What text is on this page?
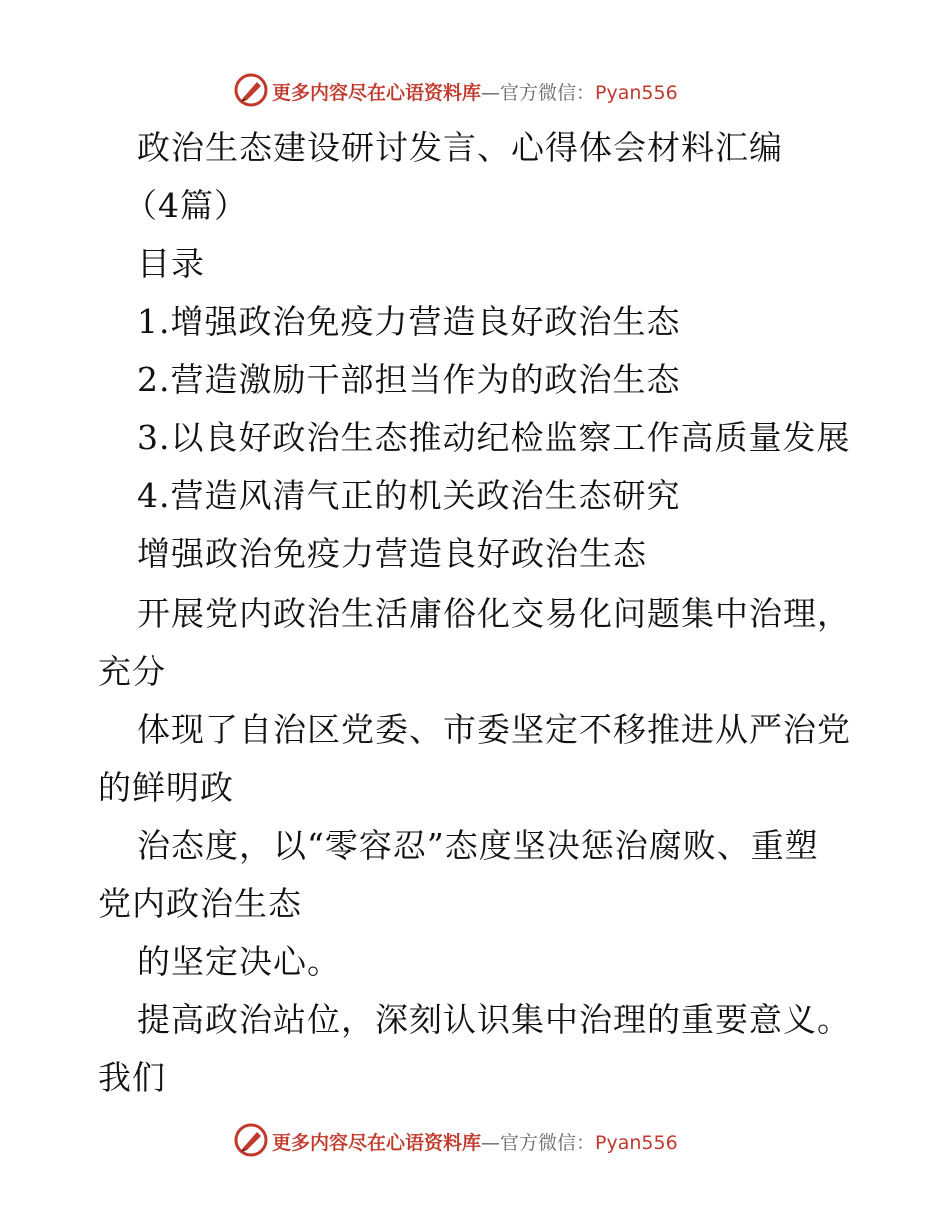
更多内容尽在心语资料库—官方微信：Pyan556
政治生态建设研讨发言、心得体会材料汇编
（4篇）
目录
1.增强政治免疫力营造良好政治生态
2.营造激励干部担当作为的政治生态
3.以良好政治生态推动纪检监察工作高质量发展
4.营造风清气正的机关政治生态研究
增强政治免疫力营造良好政治生态
开展党内政治生活庸俗化交易化问题集中治理，
充分
体现了自治区党委、市委坚定不移推进从严治党
的鲜明政
治态度，以“零容忍”态度坚决惩治腐败、重塑
党内政治生态
的坚定决心。
提高政治站位，深刻认识集中治理的重要意义。
我们
更多内容尽在心语资料库—官方微信：Pyan556
